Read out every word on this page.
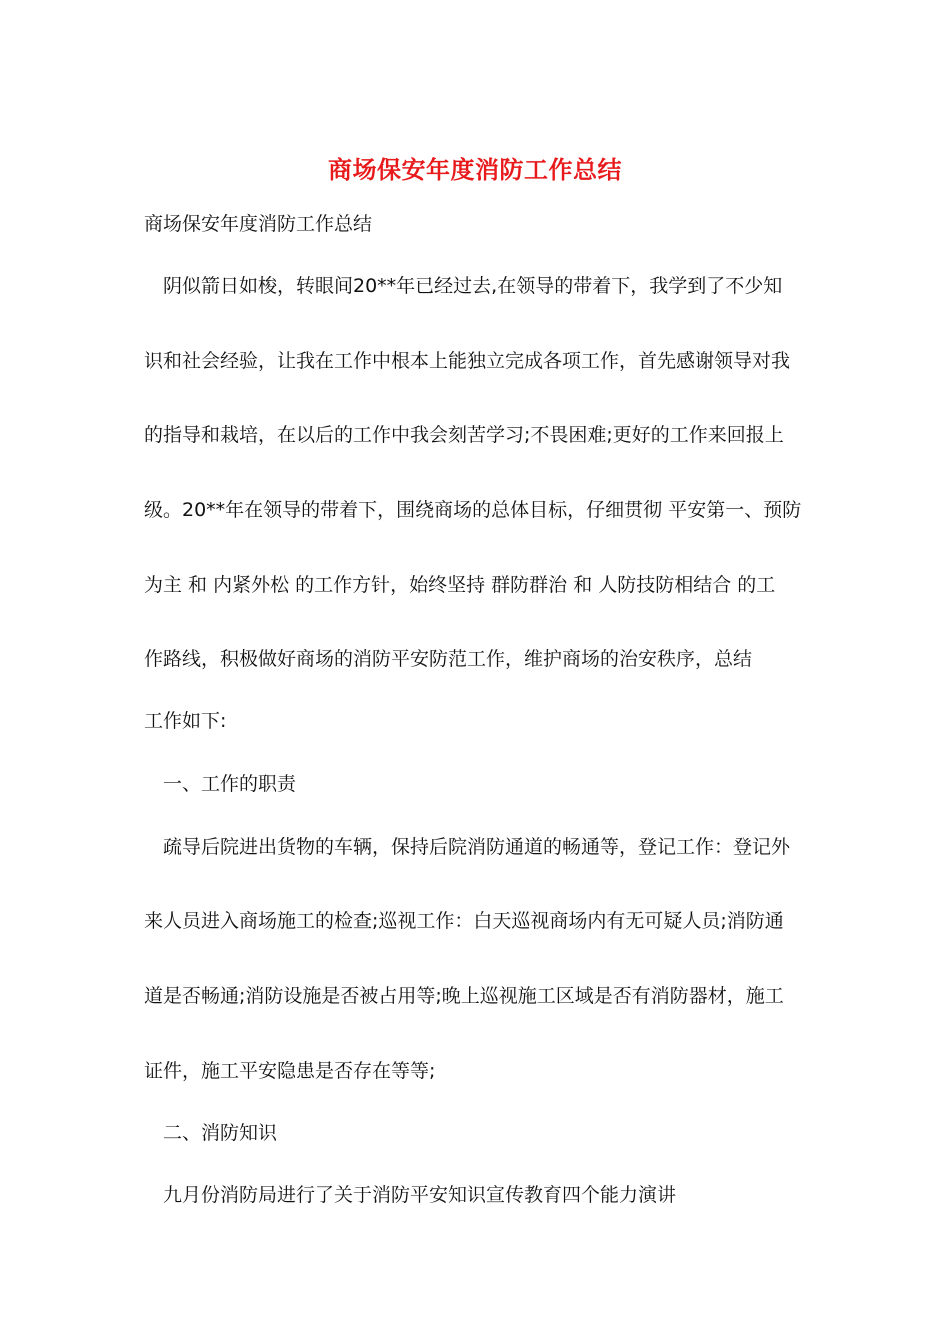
商场保安年度消防工作总结
商场保安年度消防工作总结
阴似箭日如梭，转眼间20**年已经过去,在领导的带着下，我学到了不少知
识和社会经验，让我在工作中根本上能独立完成各项工作，首先感谢领导对我
的指导和栽培，在以后的工作中我会刻苦学习;不畏困难;更好的工作来回报上
级。20**年在领导的带着下，围绕商场的总体目标，仔细贯彻 平安第一、预防
为主 和 内紧外松 的工作方针，始终坚持 群防群治 和 人防技防相结合 的工
作路线，积极做好商场的消防平安防范工作，维护商场的治安秩序，总结
工作如下:
一、工作的职责
疏导后院进出货物的车辆，保持后院消防通道的畅通等，登记工作：登记外
来人员进入商场施工的检查;巡视工作：白天巡视商场内有无可疑人员;消防通
道是否畅通;消防设施是否被占用等;晚上巡视施工区域是否有消防器材，施工
证件，施工平安隐患是否存在等等;
二、消防知识
九月份消防局进行了关于消防平安知识宣传教育四个能力演讲
